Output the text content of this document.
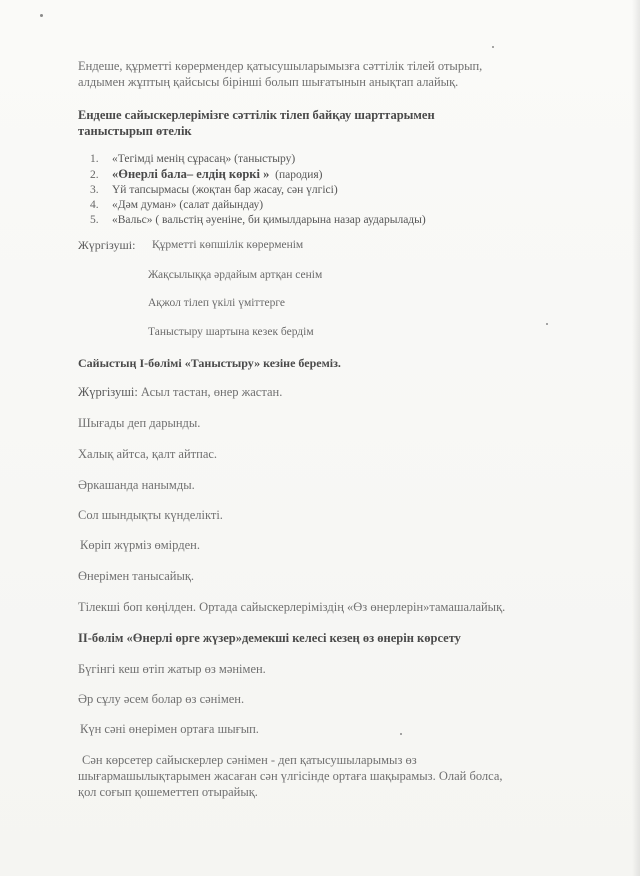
Ендеше, құрметті көрермендер қатысушыларымызға сәттілік тілей отырып,

алдымен жұптың қайсысы бірінші болып шығатынын анықтап алайық.

Ендеше сайыскерлерімізге сәттілік тілеп байқау шарттарымен

таныстырып өтелік

1. «Тегімді менің сұрасаң» (таныстыру)
2. «Өнерлі бала– елдің көркі » (пародия)
3. Үй тапсырмасы (жоқтан бар жасау, сән үлгісі)
4. «Дәм думан» (салат дайындау)
5. «Вальс» ( вальстің әуеніне, би қимылдарына назар аударылады)

Жүргізуші: Құрметті көпшілік көрерменім

Жақсылыққа әрдайым артқан сенім

Ақжол тілеп үкілі үміттерге

Таныстыру шартына кезек бердім

Сайыстың І-бөлімі «Таныстыру» кезіне береміз.

Жүргізуші: Асыл тастан, өнер жастан.

Шығады деп дарынды.

Халық айтса, қалт айтпас.

Әркашанда нанымды.

Сол шындықты күнделікті.

Көріп жүрміз өмірден.

Өнерімен танысайық.

Тілекші боп көңілден. Ортада сайыскерлеріміздің «Өз өнерлерін»тамашалайық.

ІІ-бөлім «Өнерлі өрге жүзер»демекші келесі кезең өз өнерін көрсету

Бүгінгі кеш өтіп жатыр өз мәнімен.

Әр сұлу әсем болар өз сәнімен.

Күн сәні өнерімен ортаға шығып.

Сән көрсетер сайыскерлер сәнімен - деп қатысушыларымыз өз

шығармашылықтарымен жасаған сән үлгісінде ортаға шақырамыз. Олай болса,

қол соғып қошеметтеп отырайық.
